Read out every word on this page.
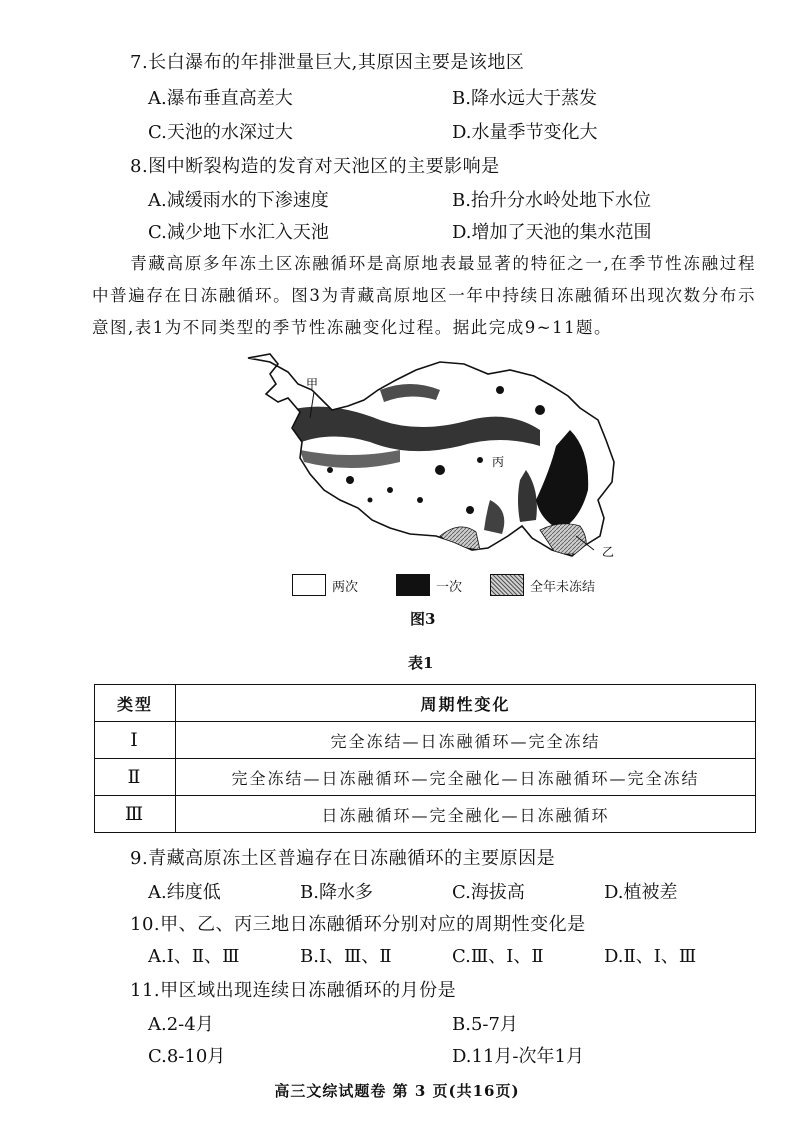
7.长白瀑布的年排泄量巨大,其原因主要是该地区
A.瀑布垂直高差大	B.降水远大于蒸发
C.天池的水深过大	D.水量季节变化大
8.图中断裂构造的发育对天池区的主要影响是
A.减缓雨水的下渗速度	B.抬升分水岭处地下水位
C.减少地下水汇入天池	D.增加了天池的集水范围
青藏高原多年冻土区冻融循环是高原地表最显著的特征之一,在季节性冻融过程中普遍存在日冻融循环。图3为青藏高原地区一年中持续日冻融循环出现次数分布示意图,表1为不同类型的季节性冻融变化过程。据此完成9~11题。
甲
乙
丙
两次	一次	全年未冻结
图3
表1
类型	周期性变化
Ⅰ	完全冻结—日冻融循环—完全冻结
Ⅱ	完全冻结—日冻融循环—完全融化—日冻融循环—完全冻结
Ⅲ	日冻融循环—完全融化—日冻融循环
9.青藏高原冻土区普遍存在日冻融循环的主要原因是
A.纬度低	B.降水多	C.海拔高	D.植被差
10.甲、乙、丙三地日冻融循环分别对应的周期性变化是
A.Ⅰ、Ⅱ、Ⅲ	B.Ⅰ、Ⅲ、Ⅱ	C.Ⅲ、Ⅰ、Ⅱ	D.Ⅱ、Ⅰ、Ⅲ
11.甲区域出现连续日冻融循环的月份是
A.2-4月	B.5-7月
C.8-10月	D.11月-次年1月
高三文综试题卷 第 3 页(共16页)
